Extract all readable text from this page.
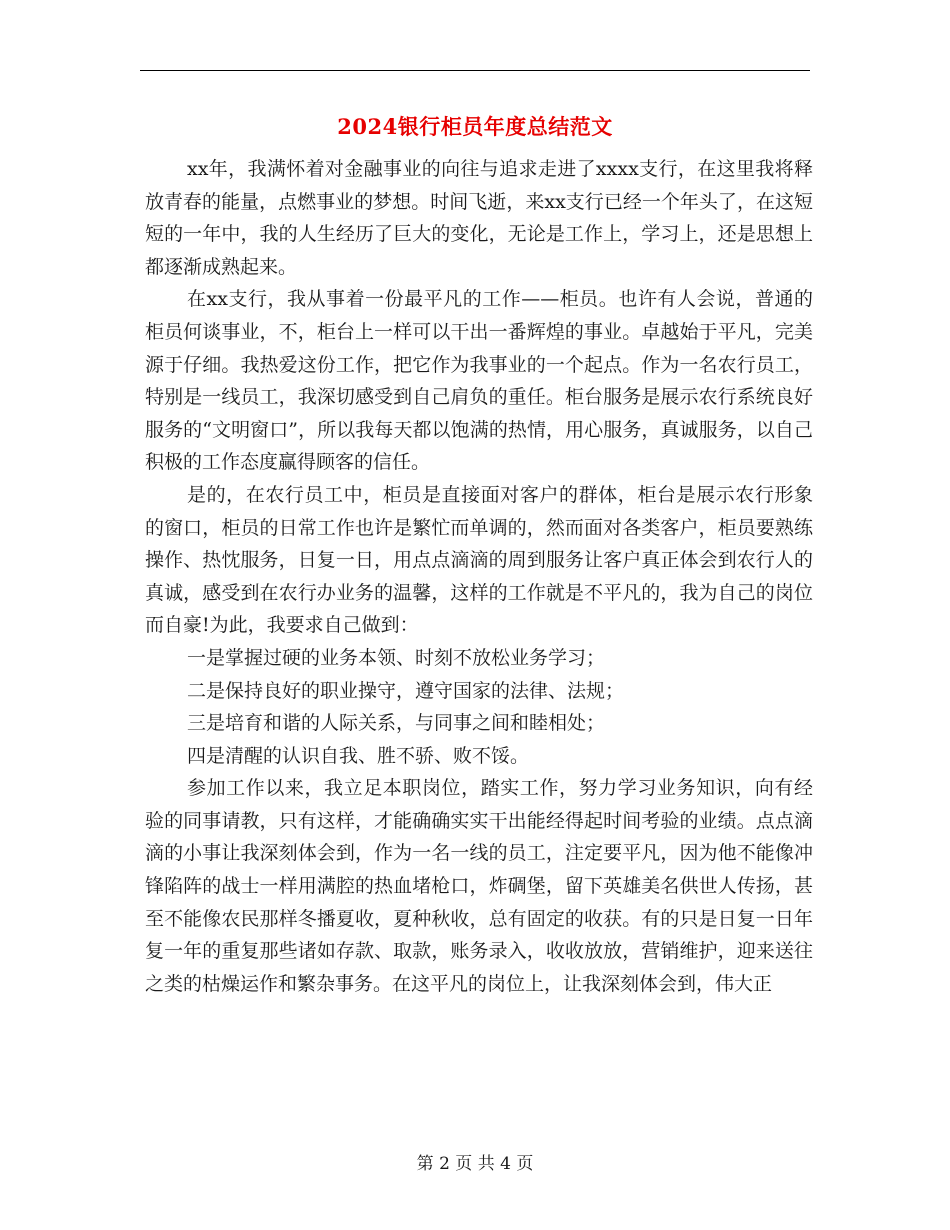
2024银行柜员年度总结范文

xx年，我满怀着对金融事业的向往与追求走进了xxxx支行，在这里我将释放青春的能量，点燃事业的梦想。时间飞逝，来xx支行已经一个年头了，在这短短的一年中，我的人生经历了巨大的变化，无论是工作上，学习上，还是思想上都逐渐成熟起来。

在xx支行，我从事着一份最平凡的工作——柜员。也许有人会说，普通的柜员何谈事业，不，柜台上一样可以干出一番辉煌的事业。卓越始于平凡，完美源于仔细。我热爱这份工作，把它作为我事业的一个起点。作为一名农行员工，特别是一线员工，我深切感受到自己肩负的重任。柜台服务是展示农行系统良好服务的“文明窗口”，所以我每天都以饱满的热情，用心服务，真诚服务，以自己积极的工作态度赢得顾客的信任。

是的，在农行员工中，柜员是直接面对客户的群体，柜台是展示农行形象的窗口，柜员的日常工作也许是繁忙而单调的，然而面对各类客户，柜员要熟练操作、热忱服务，日复一日，用点点滴滴的周到服务让客户真正体会到农行人的真诚，感受到在农行办业务的温馨，这样的工作就是不平凡的，我为自己的岗位而自豪!为此，我要求自己做到：

一是掌握过硬的业务本领、时刻不放松业务学习；

二是保持良好的职业操守，遵守国家的法律、法规；

三是培育和谐的人际关系，与同事之间和睦相处；

四是清醒的认识自我、胜不骄、败不馁。

参加工作以来，我立足本职岗位，踏实工作，努力学习业务知识，向有经验的同事请教，只有这样，才能确确实实干出能经得起时间考验的业绩。点点滴滴的小事让我深刻体会到，作为一名一线的员工，注定要平凡，因为他不能像冲锋陷阵的战士一样用满腔的热血堵枪口，炸碉堡，留下英雄美名供世人传扬，甚至不能像农民那样冬播夏收，夏种秋收，总有固定的收获。有的只是日复一日年复一年的重复那些诸如存款、取款，账务录入，收收放放，营销维护，迎来送往之类的枯燥运作和繁杂事务。在这平凡的岗位上，让我深刻体会到，伟大正

第 2 页 共 4 页
